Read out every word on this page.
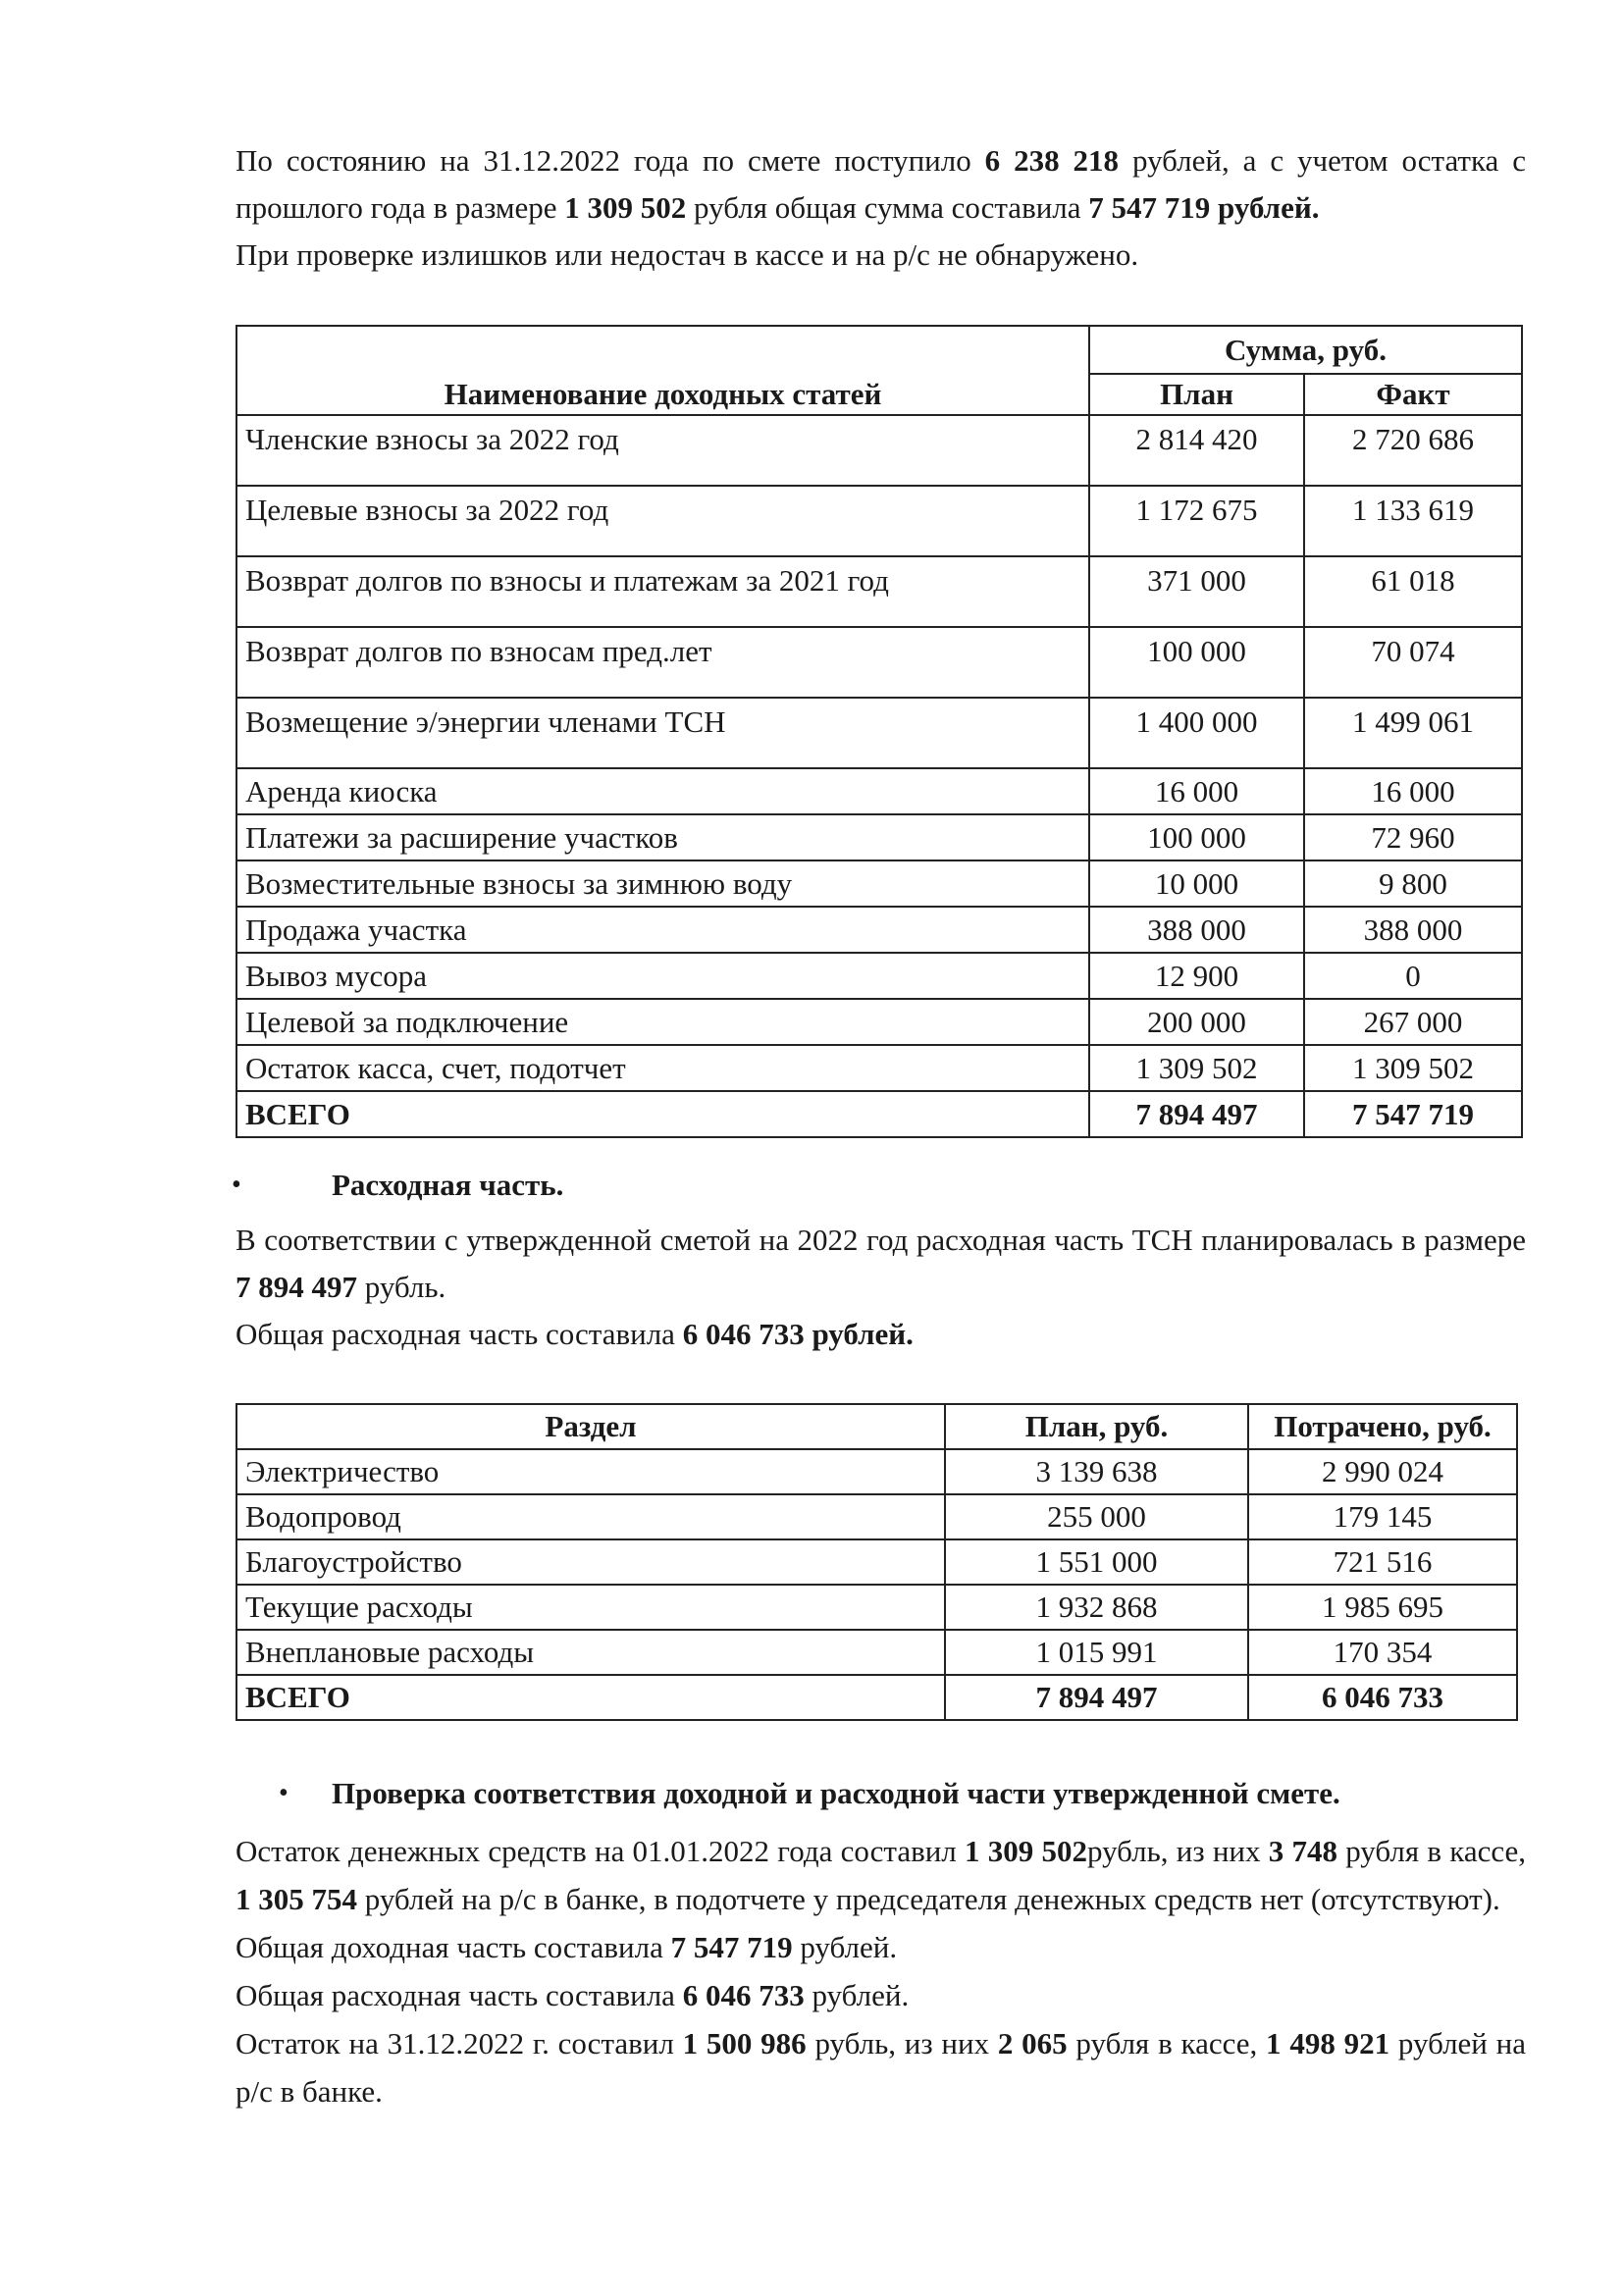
По состоянию на 31.12.2022 года по смете поступило 6 238 218 рублей, а с учетом остатка с прошлого года в размере 1 309 502 рубля общая сумма составила 7 547 719 рублей.

При проверке излишков или недостач в кассе и на р/с не обнаружено.

Наименование доходных статей	Сумма, руб.	
	План	Факт
Членские взносы за 2022 год	2 814 420	2 720 686
Целевые взносы за 2022 год	1 172 675	1 133 619
Возврат долгов по взносы и платежам за 2021 год	371 000	61 018
Возврат долгов по взносам пред.лет	100 000	70 074
Возмещение э/энергии членами ТСН	1 400 000	1 499 061
Аренда киоска	16 000	16 000
Платежи за расширение участков	100 000	72 960
Возместительные взносы за зимнюю воду	10 000	9 800
Продажа участка	388 000	388 000
Вывоз мусора	12 900	0
Целевой за подключение	200 000	267 000
Остаток касса, счет, подотчет	1 309 502	1 309 502
ВСЕГО	7 894 497	7 547 719
•	Расходная часть.

В соответствии с утвержденной сметой на 2022 год расходная часть ТСН планировалась в размере 7 894 497 рубль.

Общая расходная часть составила 6 046 733 рублей.

Раздел	План, руб.	Потрачено, руб.
Электричество	3 139 638	2 990 024
Водопровод	255 000	179 145
Благоустройство	1 551 000	721 516
Текущие расходы	1 932 868	1 985 695
Внеплановые расходы	1 015 991	170 354
ВСЕГО	7 894 497	6 046 733
• Проверка соответствия доходной и расходной части утвержденной смете.

Остаток денежных средств на 01.01.2022 года составил 1 309 502рубль, из них 3 748 рубля в кассе, 1 305 754 рублей на р/с в банке, в подотчете у председателя денежных средств нет (отсутствуют).

Общая доходная часть составила 7 547 719 рублей.

Общая расходная часть составила 6 046 733 рублей.

Остаток на 31.12.2022 г. составил 1 500 986 рубль, из них 2 065 рубля в кассе, 1 498 921 рублей на р/с в банке.
